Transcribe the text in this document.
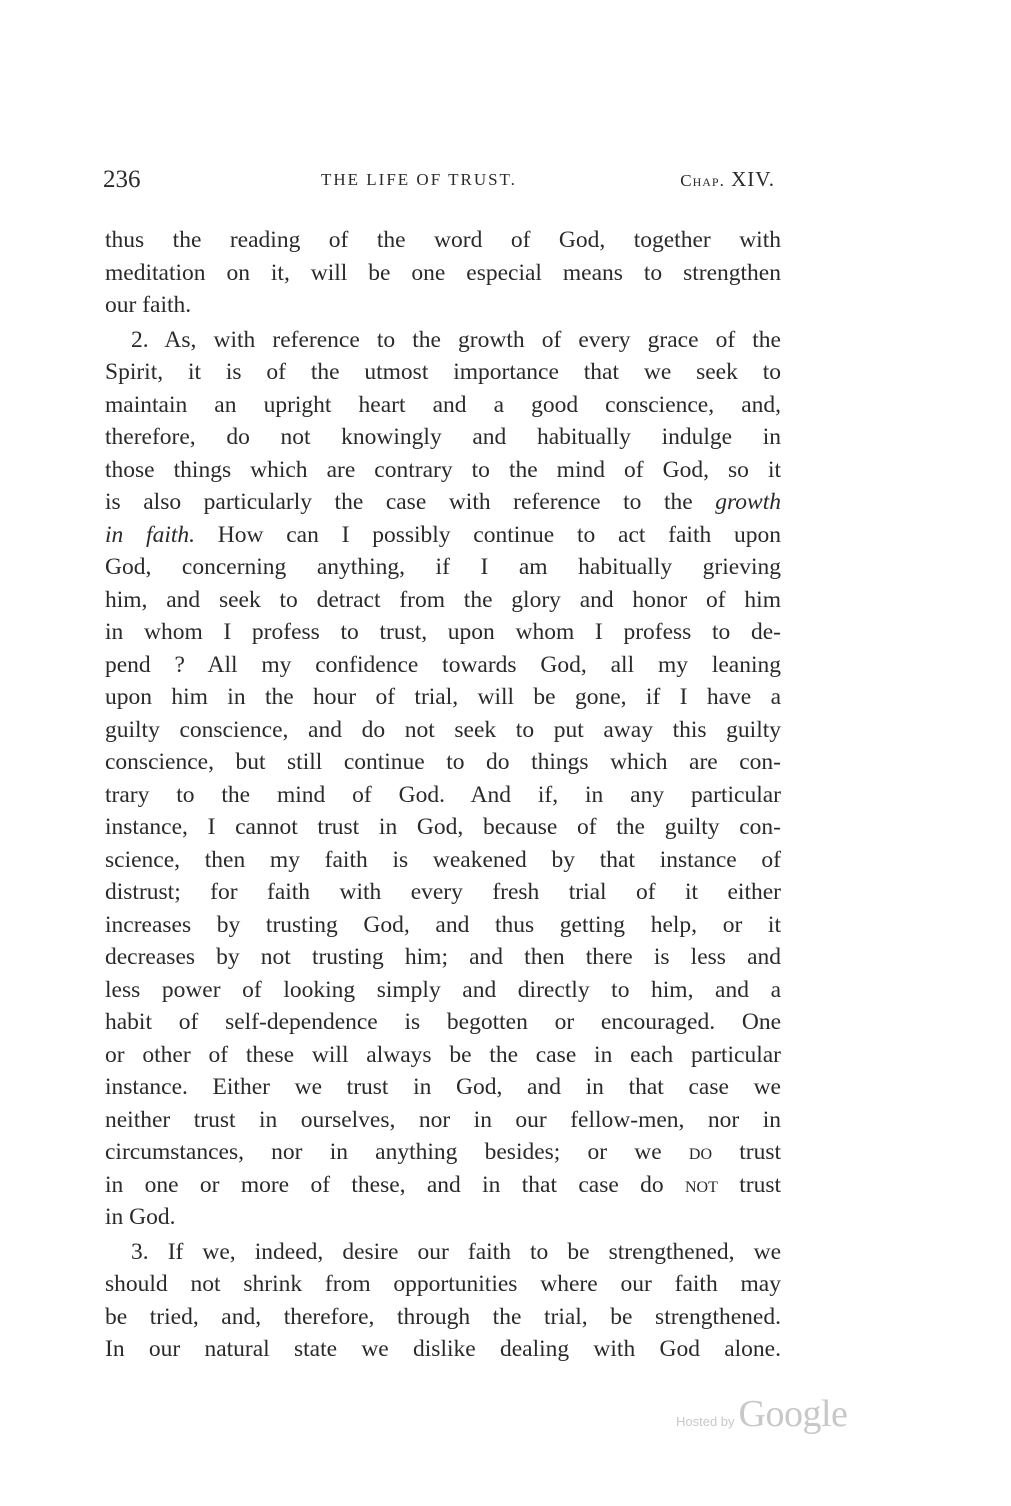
236	THE LIFE OF TRUST.	Chap. XIV.
thus the reading of the word of God, together with
meditation on it, will be one especial means to strengthen
our faith.
2. As, with reference to the growth of every grace of the
Spirit, it is of the utmost importance that we seek to
maintain an upright heart and a good conscience, and,
therefore, do not knowingly and habitually indulge in
those things which are contrary to the mind of God, so it
is also particularly the case with reference to the growth
in faith. How can I possibly continue to act faith upon
God, concerning anything, if I am habitually grieving
him, and seek to detract from the glory and honor of him
in whom I profess to trust, upon whom I profess to de-
pend ? All my confidence towards God, all my leaning
upon him in the hour of trial, will be gone, if I have a
guilty conscience, and do not seek to put away this guilty
conscience, but still continue to do things which are con-
trary to the mind of God. And if, in any particular
instance, I cannot trust in God, because of the guilty con-
science, then my faith is weakened by that instance of
distrust; for faith with every fresh trial of it either
increases by trusting God, and thus getting help, or it
decreases by not trusting him; and then there is less and
less power of looking simply and directly to him, and a
habit of self-dependence is begotten or encouraged. One
or other of these will always be the case in each particular
instance. Either we trust in God, and in that case we
neither trust in ourselves, nor in our fellow-men, nor in
circumstances, nor in anything besides; or we do trust
in one or more of these, and in that case do not trust
in God.
3. If we, indeed, desire our faith to be strengthened, we
should not shrink from opportunities where our faith may
be tried, and, therefore, through the trial, be strengthened.
In our natural state we dislike dealing with God alone.
Hosted by Google
